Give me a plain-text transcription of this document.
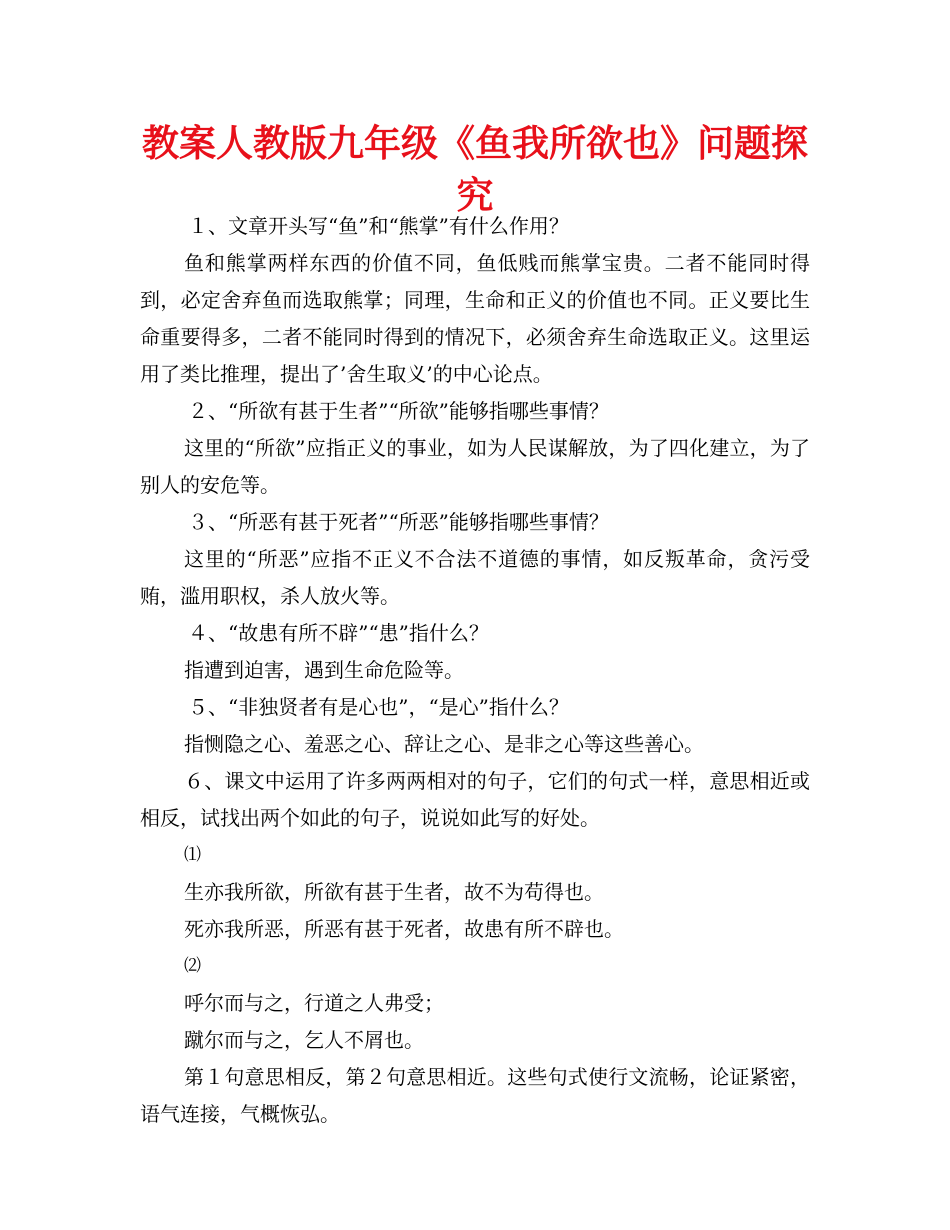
教案人教版九年级《鱼我所欲也》问题探究

１、文章开头写“鱼”和“熊掌”有什么作用？

鱼和熊掌两样东西的价值不同，鱼低贱而熊掌宝贵。二者不能同时得到，必定舍弃鱼而选取熊掌；同理，生命和正义的价值也不同。正义要比生命重要得多，二者不能同时得到的情况下，必须舍弃生命选取正义。这里运用了类比推理，提出了’舍生取义’的中心论点。

２、“所欲有甚于生者”“所欲”能够指哪些事情？

这里的“所欲”应指正义的事业，如为人民谋解放，为了四化建立，为了别人的安危等。

３、“所恶有甚于死者”“所恶”能够指哪些事情？

这里的“所恶”应指不正义不合法不道德的事情，如反叛革命，贪污受贿，滥用职权，杀人放火等。

４、“故患有所不辟”“患”指什么？

指遭到迫害，遇到生命危险等。

５、“非独贤者有是心也”，“是心”指什么？

指恻隐之心、羞恶之心、辞让之心、是非之心等这些善心。

６、课文中运用了许多两两相对的句子，它们的句式一样，意思相近或相反，试找出两个如此的句子，说说如此写的好处。

⑴

生亦我所欲，所欲有甚于生者，故不为苟得也。

死亦我所恶，所恶有甚于死者，故患有所不辟也。

⑵

呼尔而与之，行道之人弗受；

蹴尔而与之，乞人不屑也。

第１句意思相反，第２句意思相近。这些句式使行文流畅，论证紧密，语气连接，气概恢弘。
